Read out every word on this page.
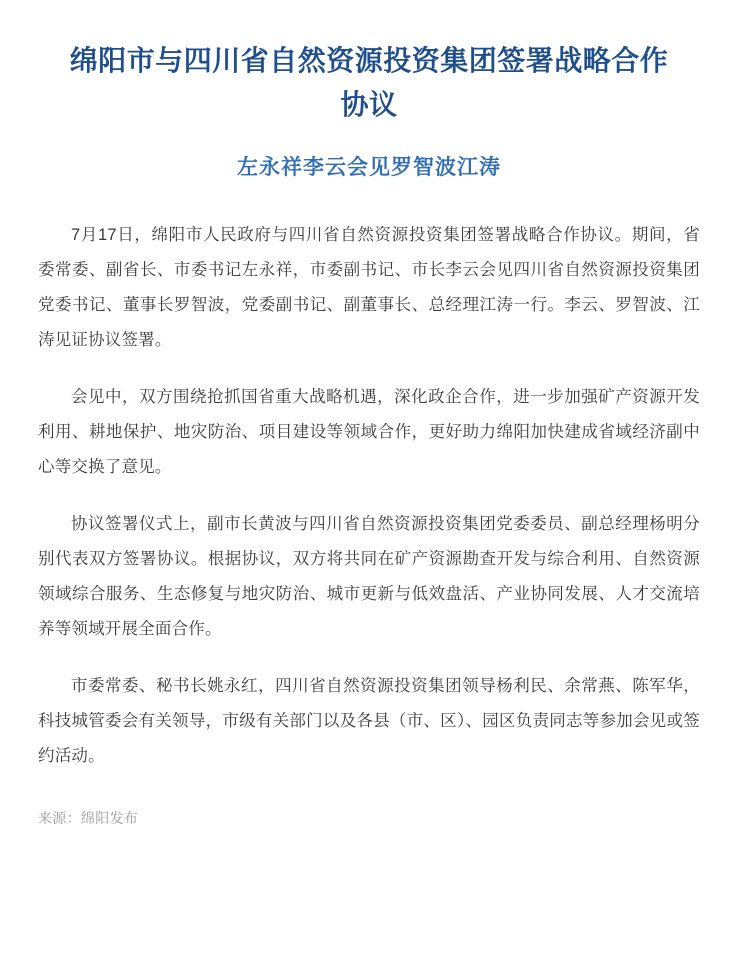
绵阳市与四川省自然资源投资集团签署战略合作协议
左永祥李云会见罗智波江涛

7月17日，绵阳市人民政府与四川省自然资源投资集团签署战略合作协议。期间，省委常委、副省长、市委书记左永祥，市委副书记、市长李云会见四川省自然资源投资集团党委书记、董事长罗智波，党委副书记、副董事长、总经理江涛一行。李云、罗智波、江涛见证协议签署。

会见中，双方围绕抢抓国省重大战略机遇，深化政企合作，进一步加强矿产资源开发利用、耕地保护、地灾防治、项目建设等领域合作，更好助力绵阳加快建成省域经济副中心等交换了意见。

协议签署仪式上，副市长黄波与四川省自然资源投资集团党委委员、副总经理杨明分别代表双方签署协议。根据协议，双方将共同在矿产资源勘查开发与综合利用、自然资源领域综合服务、生态修复与地灾防治、城市更新与低效盘活、产业协同发展、人才交流培养等领域开展全面合作。

市委常委、秘书长姚永红，四川省自然资源投资集团领导杨利民、余常燕、陈军华，科技城管委会有关领导，市级有关部门以及各县（市、区）、园区负责同志等参加会见或签约活动。

来源：绵阳发布
